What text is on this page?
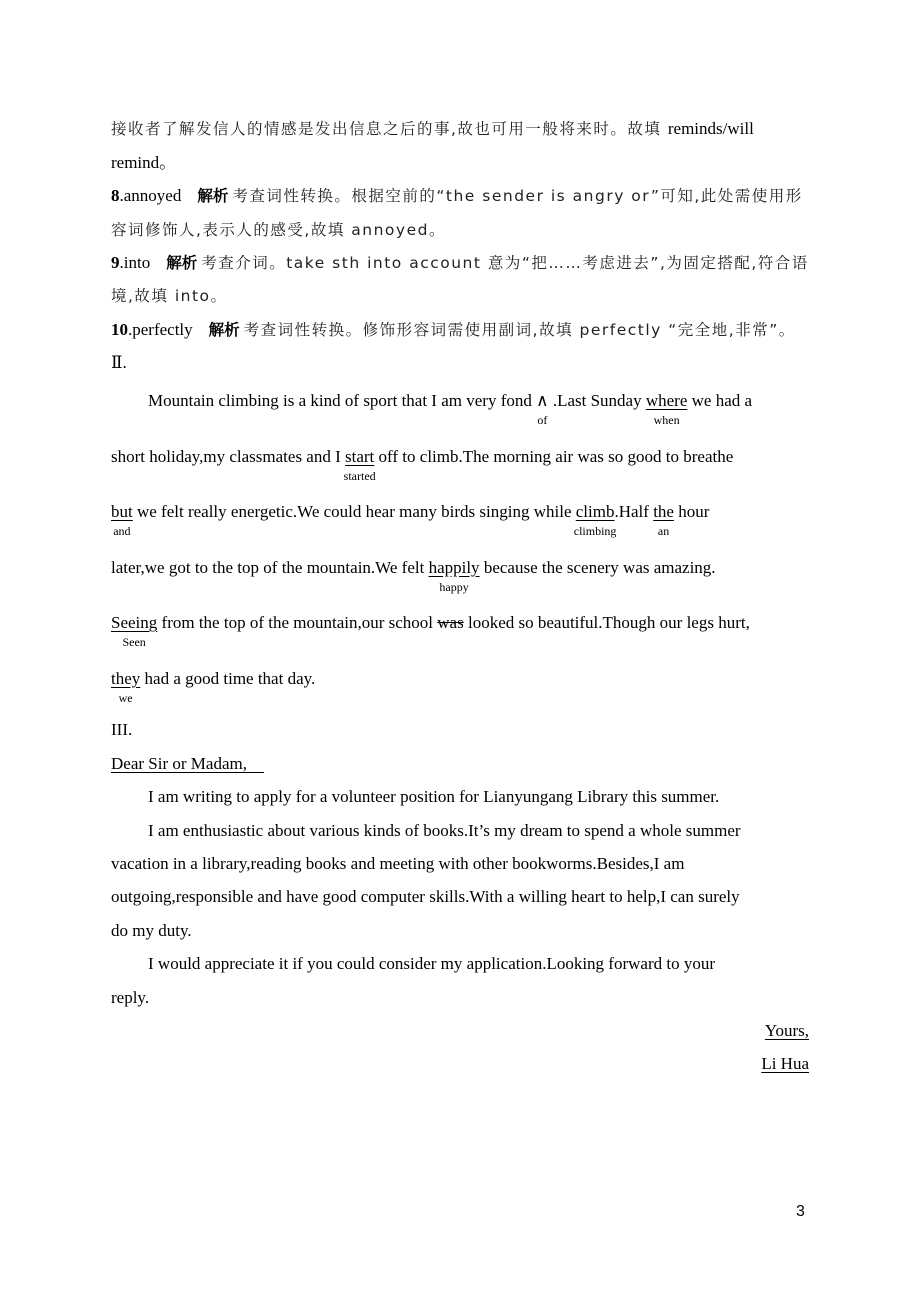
接收者了解发信人的情感是发出信息之后的事,故也可用一般将来时。故填 reminds/will
remind。
8.annoyed 解析 考查词性转换。根据空前的“the sender is angry or”可知,此处需使用形
容词修饰人,表示人的感受,故填 annoyed。
9.into 解析 考查介词。take sth into account 意为“把……考虑进去”,为固定搭配,符合语
境,故填 into。
10.perfectly 解析 考查词性转换。修饰形容词需使用副词,故填 perfectly “完全地,非常”。
Ⅱ.
Mountain climbing is a kind of sport that I am very fond ∧
of
.Last Sunday where
when
we had a
short holiday,my classmates and I start
started
off to climb.The morning air was so good to breathe
but
and
we felt really energetic.We could hear many birds singing while climb
climbing
.Half the
an
hour
later,we got to the top of the mountain.We felt happily
happy
because the scenery was amazing.
Seeing
Seen
from the top of the mountain,our school was looked so beautiful.Though our legs hurt,
they
we
had a good time that day.
III.
Dear Sir or Madam,
I am writing to apply for a volunteer position for Lianyungang Library this summer.
I am enthusiastic about various kinds of books.It’s my dream to spend a whole summer
vacation in a library,reading books and meeting with other bookworms.Besides,I am
outgoing,responsible and have good computer skills.With a willing heart to help,I can surely
do my duty.
I would appreciate it if you could consider my application.Looking forward to your
reply.
Yours,
Li Hua
3
